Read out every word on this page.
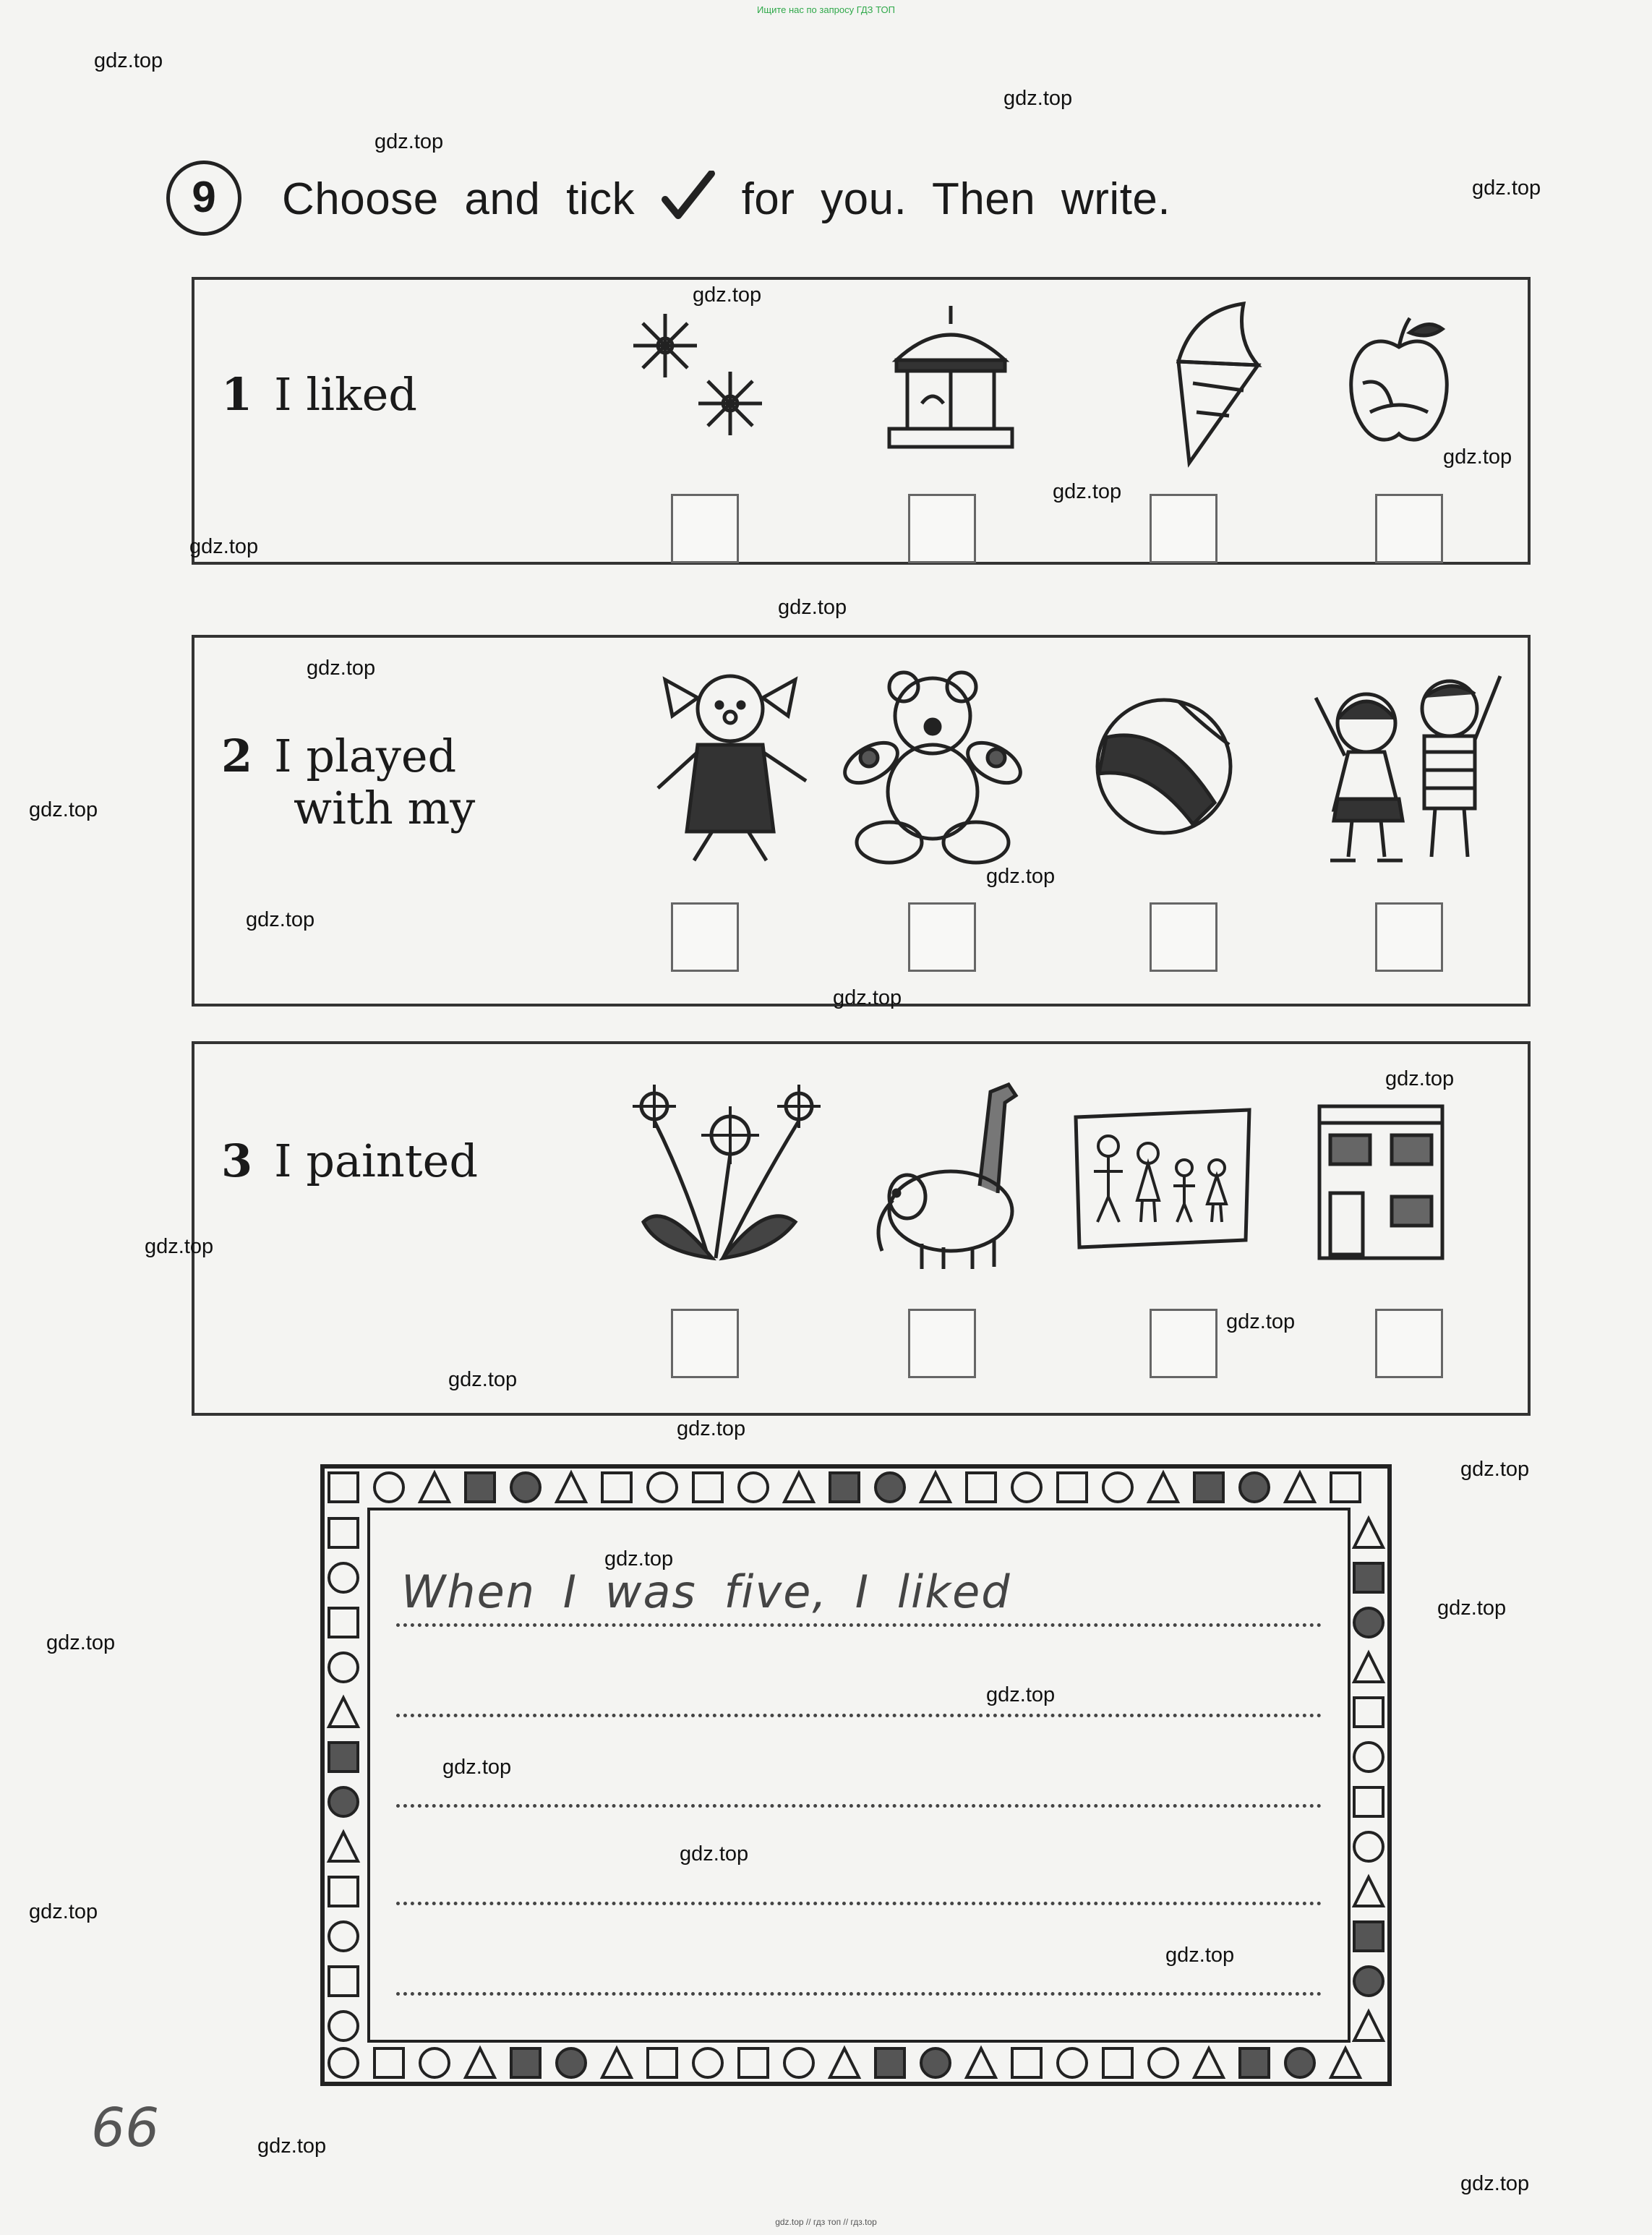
Ищите нас по запросу ГДЗ ТОП
9	Choose and tick for you. Then write.
1 I liked
2 I played
with my
3 I painted
When I was five, I liked
66
gdz.top
gdz.top
gdz.top
gdz.top
gdz.top
gdz.top
gdz.top
gdz.top
gdz.top
gdz.top
gdz.top
gdz.top
gdz.top
gdz.top
gdz.top
gdz.top
gdz.top
gdz.top
gdz.top
gdz.top
gdz.top
gdz.top
gdz.top
gdz.top
gdz.top
gdz.top
gdz.top
gdz.top
gdz.top
gdz.top
gdz.top // гдз топ // гдз.top
